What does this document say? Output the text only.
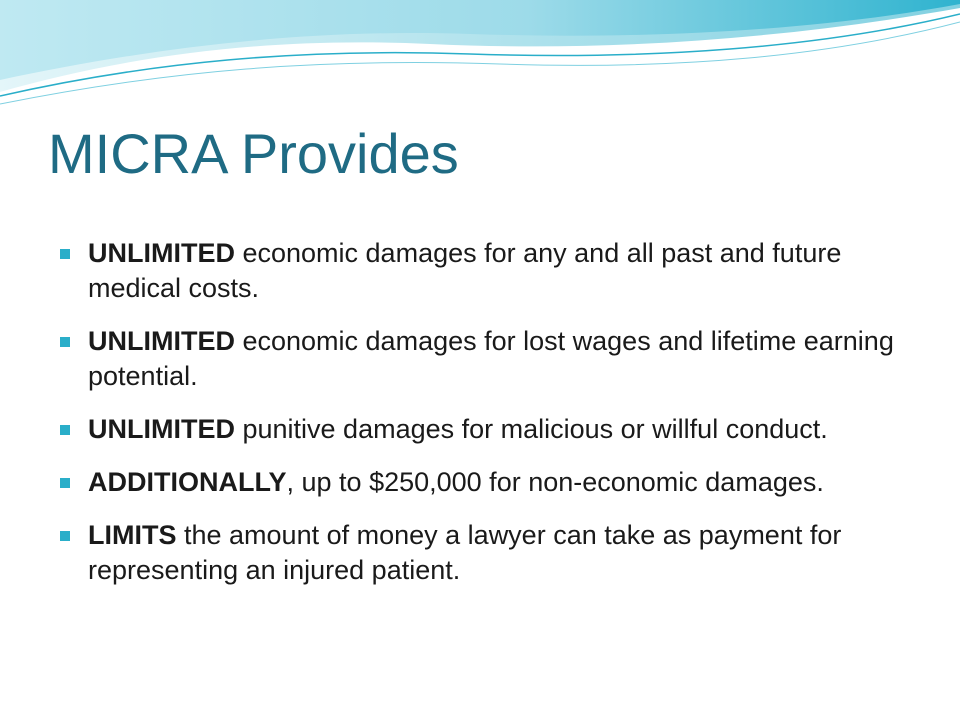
MICRA Provides
UNLIMITED economic damages for any and all past and future medical costs.
UNLIMITED economic damages for lost wages and lifetime earning potential.
UNLIMITED punitive damages for malicious or willful conduct.
ADDITIONALLY, up to $250,000 for non-economic damages.
LIMITS the amount of money a lawyer can take as payment for representing an injured patient.
